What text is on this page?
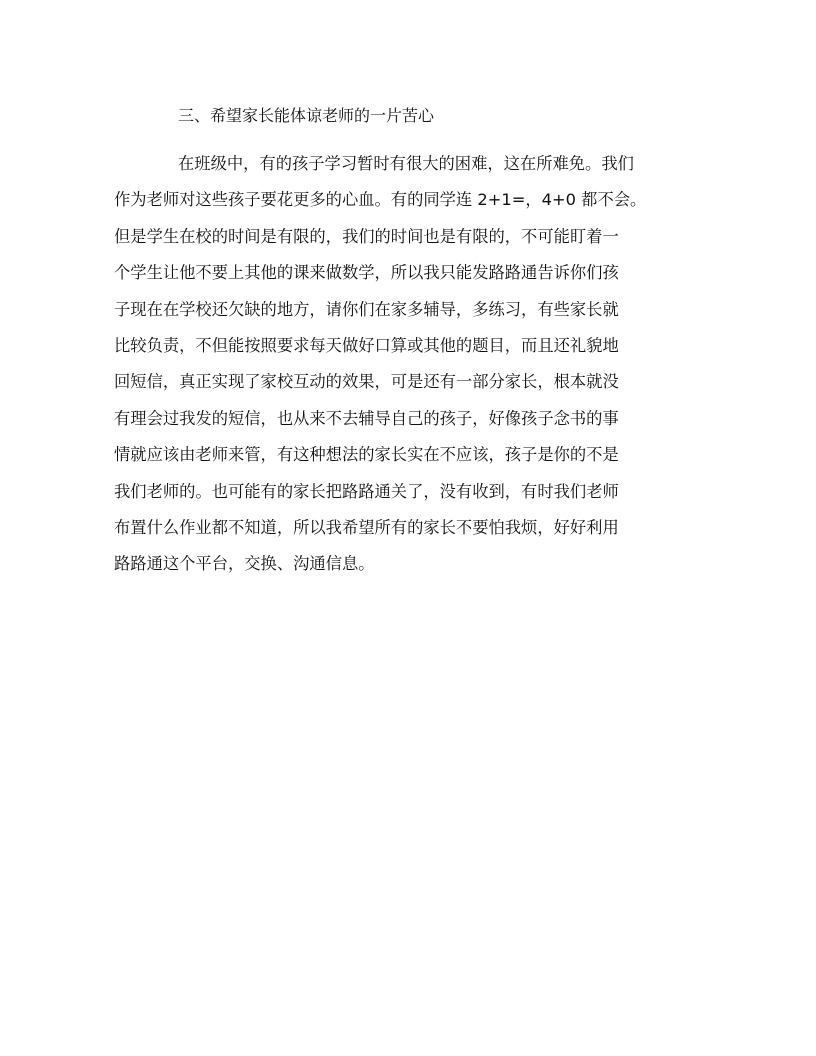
三、希望家长能体谅老师的一片苦心
在班级中，有的孩子学习暂时有很大的困难，这在所难免。我们
作为老师对这些孩子要花更多的心血。有的同学连 2+1=，4+0 都不会。
但是学生在校的时间是有限的，我们的时间也是有限的，不可能盯着一
个学生让他不要上其他的课来做数学，所以我只能发路路通告诉你们孩
子现在在学校还欠缺的地方，请你们在家多辅导，多练习，有些家长就
比较负责，不但能按照要求每天做好口算或其他的题目，而且还礼貌地
回短信，真正实现了家校互动的效果，可是还有一部分家长，根本就没
有理会过我发的短信，也从来不去辅导自己的孩子，好像孩子念书的事
情就应该由老师来管，有这种想法的家长实在不应该，孩子是你的不是
我们老师的。也可能有的家长把路路通关了，没有收到，有时我们老师
布置什么作业都不知道，所以我希望所有的家长不要怕我烦，好好利用
路路通这个平台，交换、沟通信息。
